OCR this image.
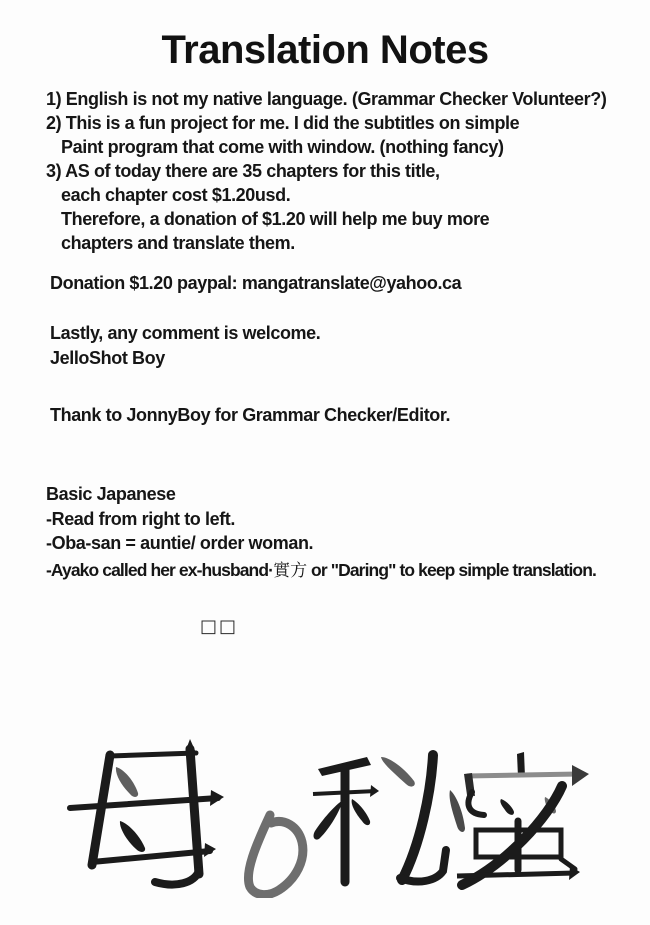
Translation Notes
1) English is not my native language. (Grammar Checker Volunteer?)
2) This is a fun project for me. I did the subtitles on simple
Paint program that come with window. (nothing fancy)
3) AS of today there are 35 chapters for this title,
each chapter cost $1.20usd.
Therefore, a donation of $1.20 will help me buy more
chapters and translate them.
Donation $1.20 paypal: mangatranslate@yahoo.ca
Lastly, any comment is welcome.
JelloShot Boy
Thank to JonnyBoy for Grammar Checker/Editor.
Basic Japanese
-Read from right to left.
-Oba-san = auntie/ order woman.
-Ayako called her ex-husband·實方 or "Daring" to keep simple translation.
□□
